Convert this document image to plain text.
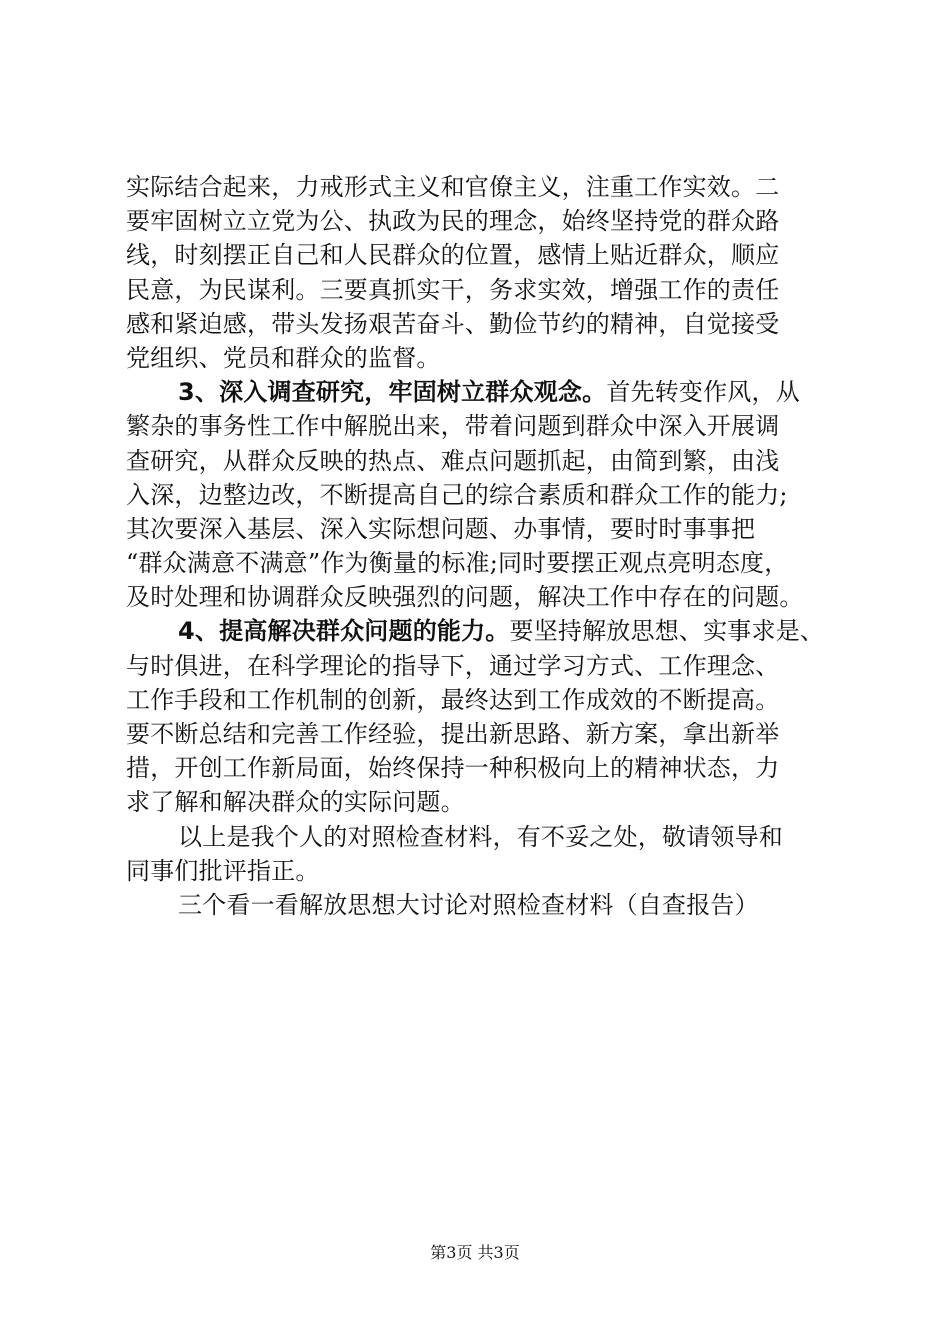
实际结合起来，力戒形式主义和官僚主义，注重工作实效。二
要牢固树立立党为公、执政为民的理念，始终坚持党的群众路
线，时刻摆正自己和人民群众的位置，感情上贴近群众，顺应
民意，为民谋利。三要真抓实干，务求实效，增强工作的责任
感和紧迫感，带头发扬艰苦奋斗、勤俭节约的精神，自觉接受
党组织、党员和群众的监督。
3、深入调查研究，牢固树立群众观念。首先转变作风，从
繁杂的事务性工作中解脱出来，带着问题到群众中深入开展调
查研究，从群众反映的热点、难点问题抓起，由简到繁，由浅
入深，边整边改，不断提高自己的综合素质和群众工作的能力;
其次要深入基层、深入实际想问题、办事情，要时时事事把
“群众满意不满意”作为衡量的标准;同时要摆正观点亮明态度，
及时处理和协调群众反映强烈的问题，解决工作中存在的问题。
4、提高解决群众问题的能力。要坚持解放思想、实事求是、
与时俱进，在科学理论的指导下，通过学习方式、工作理念、
工作手段和工作机制的创新，最终达到工作成效的不断提高。
要不断总结和完善工作经验，提出新思路、新方案，拿出新举
措，开创工作新局面，始终保持一种积极向上的精神状态，力
求了解和解决群众的实际问题。
以上是我个人的对照检查材料，有不妥之处，敬请领导和
同事们批评指正。
三个看一看解放思想大讨论对照检查材料（自查报告）
第3页 共3页
